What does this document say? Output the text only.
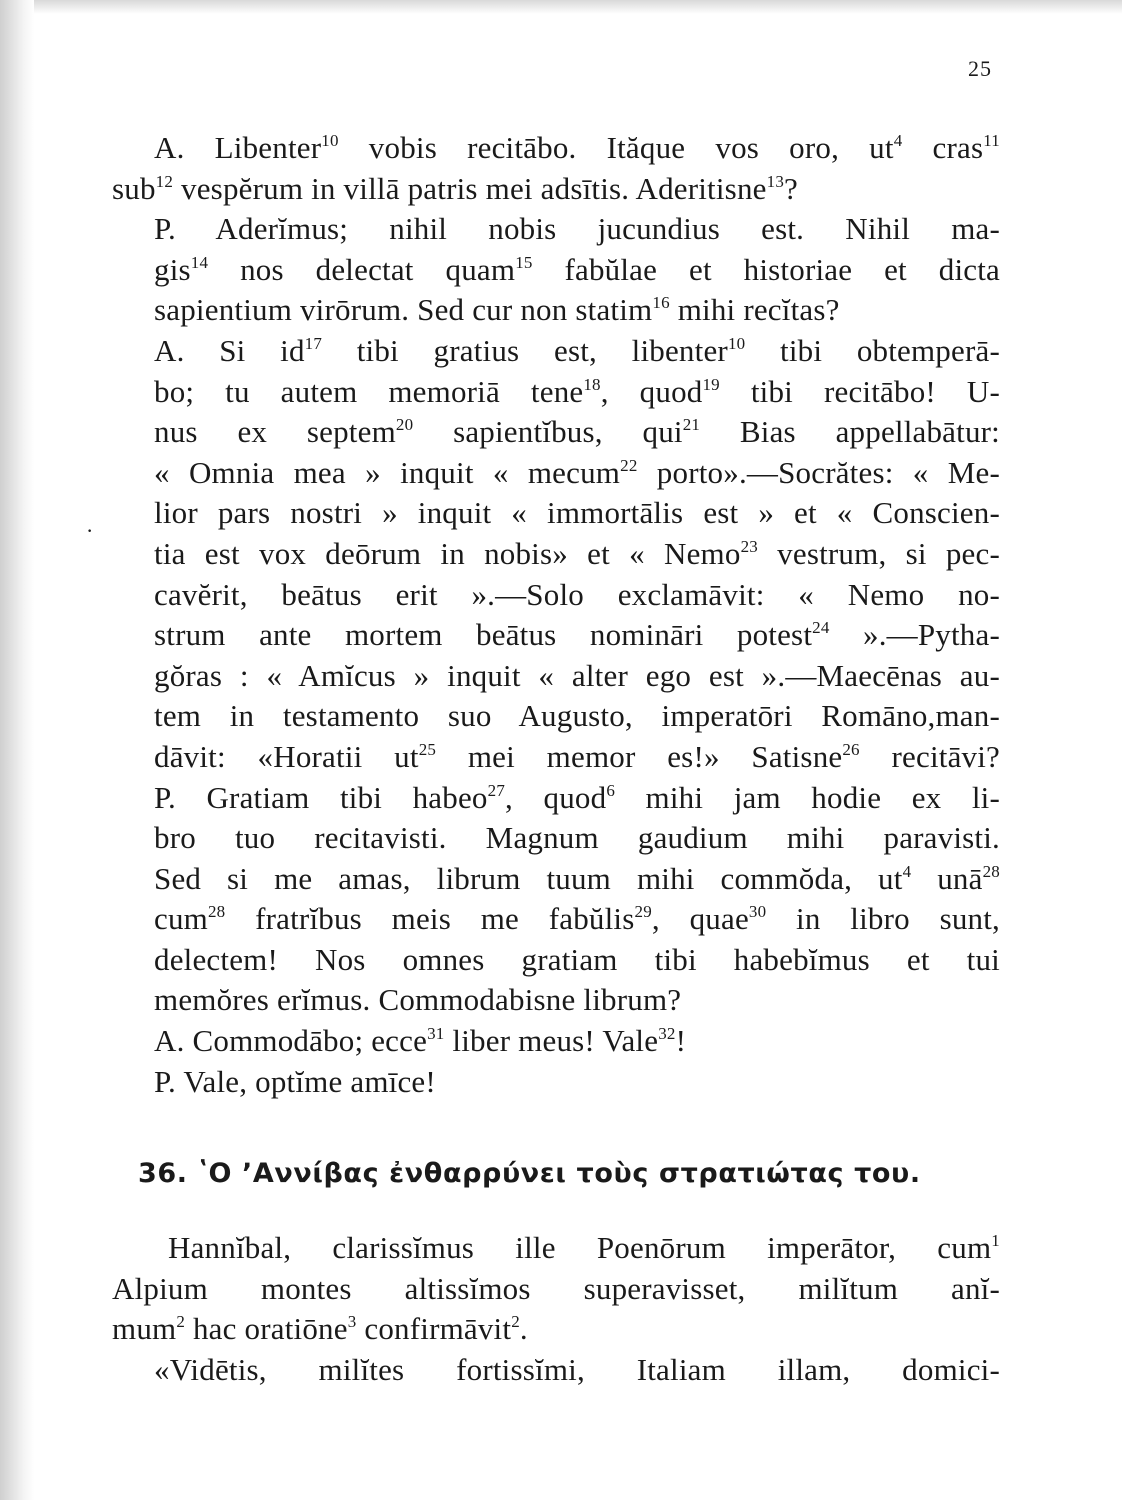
25
·

A. Libenter$^{10}$ vobis recitābo. Ităque vos oro, $ut^4$ cras$^{11}$
sub$^{12}$ vespĕrum in villā patris mei adsītis. Aderitisne$^{13}$?

P. Aderĭmus; nihil nobis jucundius est. Nihil ma-
gis$^{14}$ nos delectat quam$^{15}$ fabŭlae et historiae et dicta
sapientium virōrum. Sed cur non statim$^{16}$ mihi recĭtas?

A. Si $id^{17}$ tibi gratius est, libenter$^{10}$ tibi obtemperā-
bo; tu autem memoriā tene$^{18}$, quod$^{19}$ tibi recitābo! U-
nus ex septem$^{20}$ sapientĭbus, qui$^{21}$ Bias appellabātur:
« Omnia mea » inquit « mecum$^{22}$ porto».—Socrătes: « Me-
lior pars nostri » inquit « immortālis est » et « Conscien-
tia est vox deōrum in nobis» et « Nemo$^{23}$ vestrum, si pec-
cavĕrit, beātus erit ».—Solo exclamāvit: « Nemo no-
strum ante mortem beātus nomināri potest$^{24}$ ».—Pytha-
gŏras : « Amĭcus » inquit « alter ego est ».—Maecēnas au-
tem in testamento suo Augusto, imperatōri Romāno,man-
dāvit: «Horatii $ut^{25}$ mei memor es!» Satisne$^{26}$ recitāvi?

P. Gratiam tibi habeo$^{27}$, quod$^6$ mihi jam hodie ex li-
bro tuo recitavisti. Magnum gaudium mihi paravisti.
Sed si me amas, librum tuum mihi commŏda, $ut^4$ unā$^{28}$
cum$^{28}$ fratrĭbus meis me fabŭlis$^{29}$, quae$^{30}$ in libro sunt,
delectem! Nos omnes gratiam tibi habebĭmus et tui
memŏres erĭmus. Commodabisne librum?

A. Commodābo; ecce$^{31}$ liber meus! Vale$^{32}$!

P. Vale, optĭme amīce!

36. ʽΟ ʼΑννίβας ἐνθαρρύνει τοὺς στρατιώτας του.

Hannĭbal, clarissĭmus ille Poenōrum imperātor, cum$^1$
Alpium montes altissĭmos superavisset, milĭtum anĭ-
mum$^2$ hac oratiōne$^3$ confirmāvit$^2$.

«Vidētis, milĭtes fortissĭmi, Italiam illam, domici-
